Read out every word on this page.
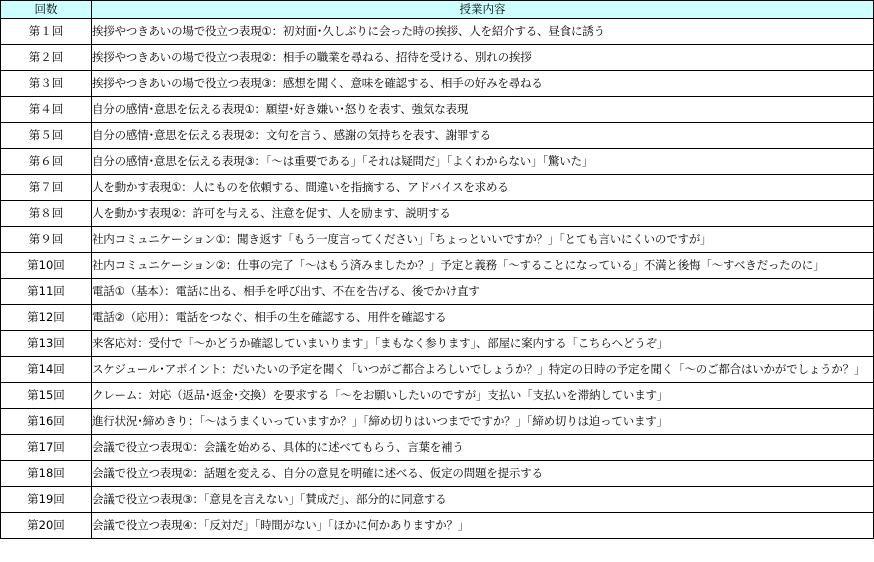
回数	授業内容
第１回	挨拶やつきあいの場で役立つ表現①：初対面･久しぶりに会った時の挨拶、人を紹介する、昼食に誘う
第２回	挨拶やつきあいの場で役立つ表現②：相手の職業を尋ねる、招待を受ける、別れの挨拶
第３回	挨拶やつきあいの場で役立つ表現③：感想を聞く、意味を確認する、相手の好みを尋ねる
第４回	自分の感情･意思を伝える表現①：願望･好き嫌い･怒りを表す、強気な表現
第５回	自分の感情･意思を伝える表現②：文句を言う、感謝の気持ちを表す、謝罪する
第６回	自分の感情･意思を伝える表現③：「～は重要である」「それは疑問だ」「よくわからない」「驚いた」
第７回	人を動かす表現①：人にものを依頼する、間違いを指摘する、アドバイスを求める
第８回	人を動かす表現②：許可を与える、注意を促す、人を励ます、説明する
第９回	社内コミュニケーション①：聞き返す「もう一度言ってください」「ちょっといいですか？」「とても言いにくいのですが」
第10回	社内コミュニケーション②：仕事の完了「～はもう済みましたか？」予定と義務「～することになっている」不満と後悔「～すべきだったのに」
第11回	電話①（基本）：電話に出る、相手を呼び出す、不在を告げる、後でかけ直す
第12回	電話②（応用）：電話をつなぐ、相手の生を確認する、用件を確認する
第13回	来客応対：受付で「～かどうか確認していまいります」「まもなく参ります」、部屋に案内する「こちらへどうぞ」
第14回	スケジュール･アポイント：だいたいの予定を聞く「いつがご都合よろしいでしょうか？」特定の日時の予定を聞く「～のご都合はいかがでしょうか？」
第15回	クレーム：対応（返品･返金･交換）を要求する「～をお願いしたいのですが」支払い「支払いを滞納しています」
第16回	進行状況･締めきり：「～はうまくいっていますか？」「締め切りはいつまでですか？」「締め切りは迫っています」
第17回	会議で役立つ表現①：会議を始める、具体的に述べてもらう、言葉を補う
第18回	会議で役立つ表現②：話題を変える、自分の意見を明確に述べる、仮定の問題を提示する
第19回	会議で役立つ表現③：「意見を言えない」「賛成だ」、部分的に同意する
第20回	会議で役立つ表現④：「反対だ」「時間がない」「ほかに何かありますか？」
